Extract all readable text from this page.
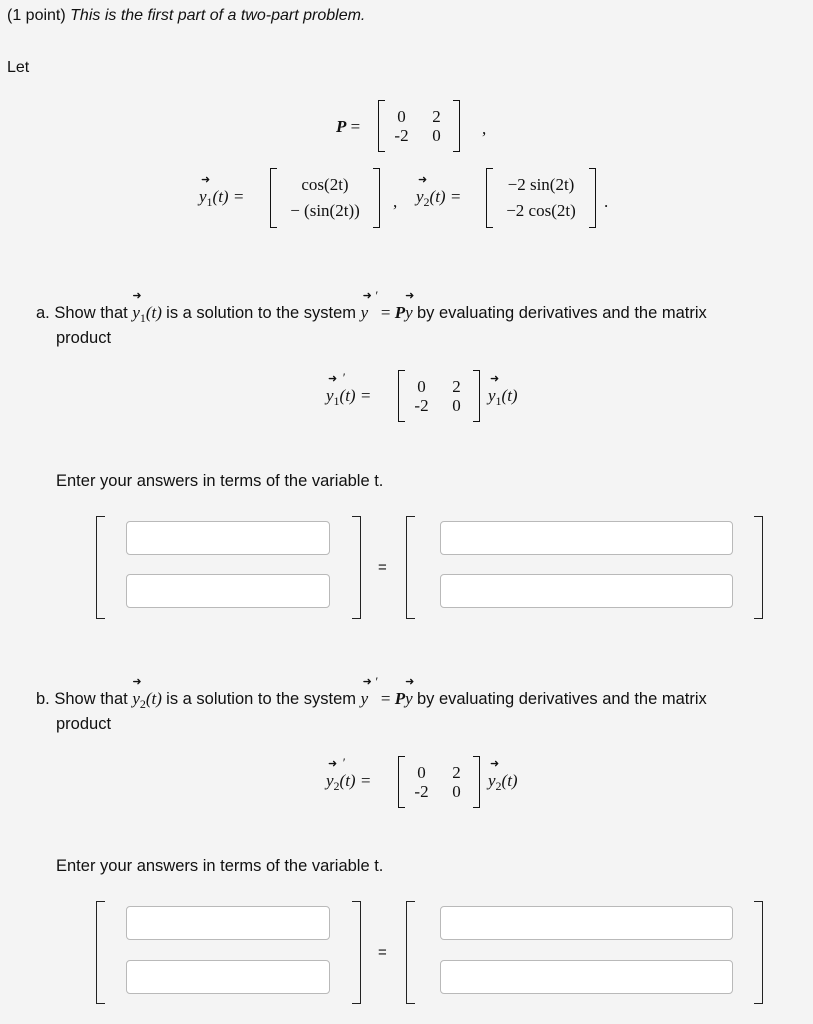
(1 point) This is the first part of a two-part problem.
Let
P =
0	2
-2	0	,
➜
$y_1(t)$ =
cos(2t)
− (sin(2t))	,
➜
$y_2(t)$ =
−2 sin(2t)
−2 cos(2t)	.
a. Show that
➜
$y_1(t)$ is a solution to the system
➜ ′
y = P
➜
y by evaluating derivatives and the matrix
product
➜ ′
$y_1(t)$ =	0	2
-2	0
➜
$y_1(t)$
Enter your answers in terms of the variable t.
=
b. Show that
➜
$y_2(t)$ is a solution to the system
➜ ′
y = P
➜
y by evaluating derivatives and the matrix
product
➜ ′
$y_2(t)$ =	0	2
-2	0
➜
$y_2(t)$
Enter your answers in terms of the variable t.
=
